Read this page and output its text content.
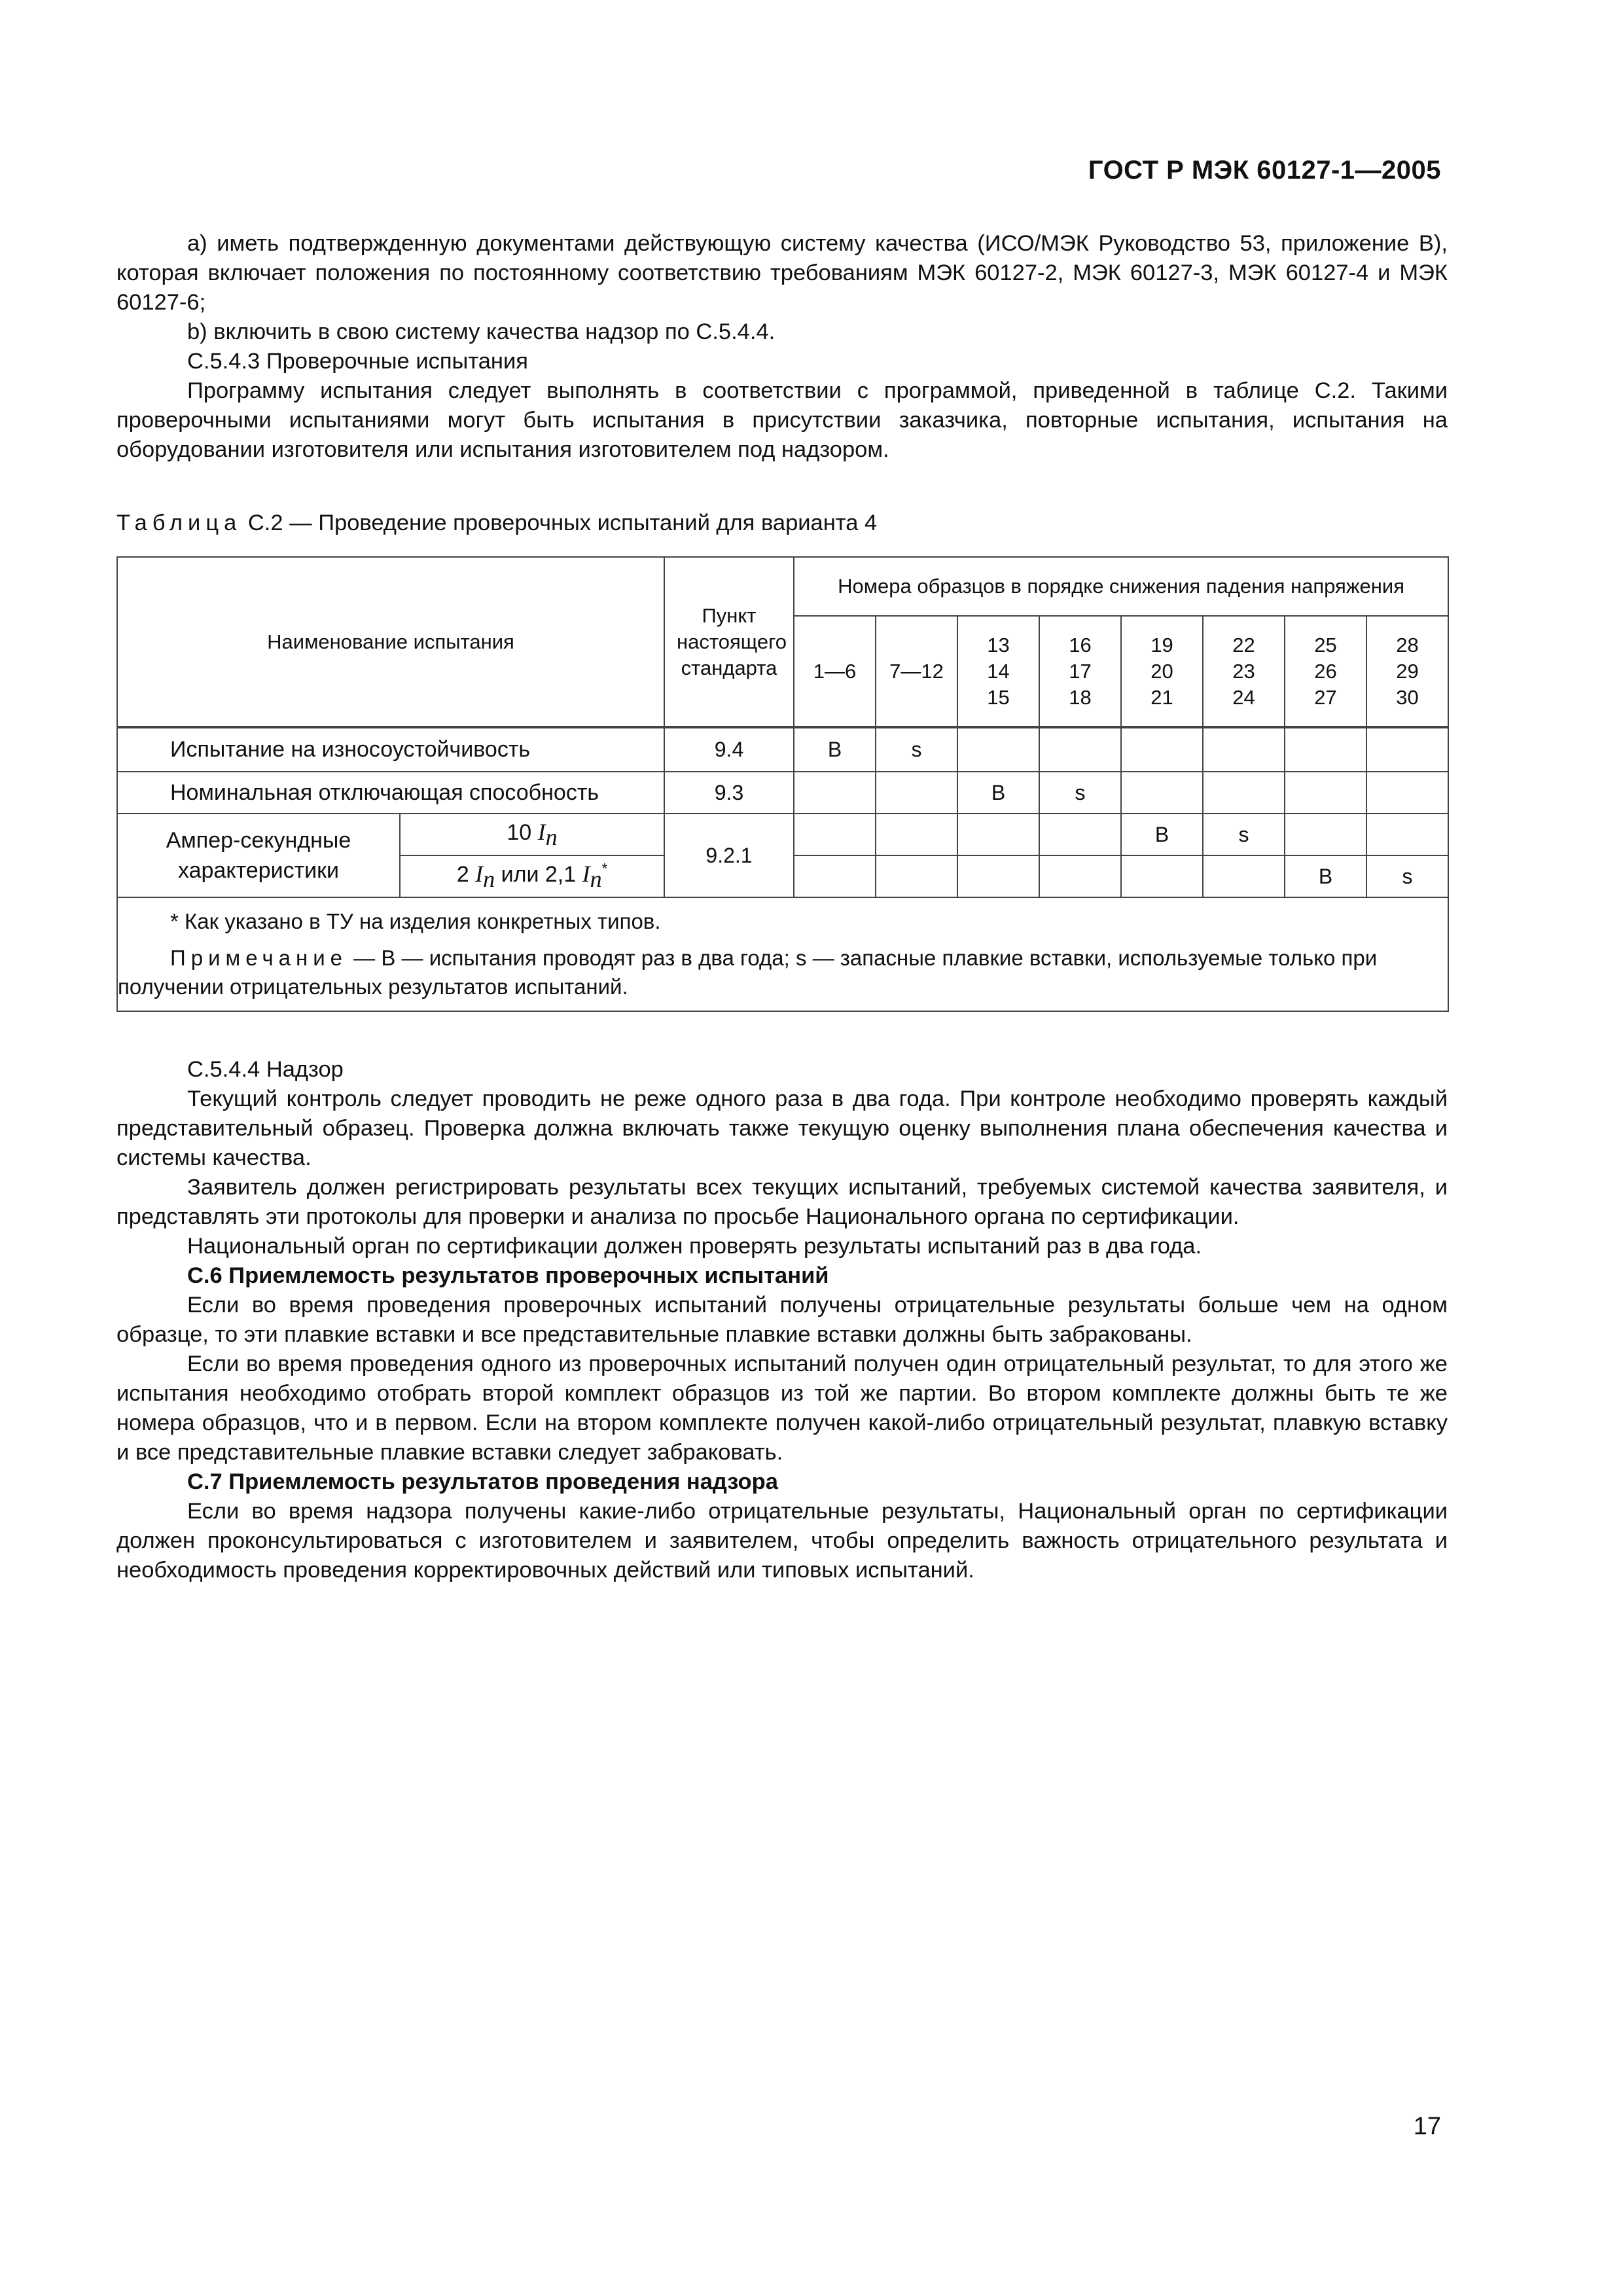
ГОСТ Р МЭК 60127-1—2005

а) иметь подтвержденную документами действующую систему качества (ИСО/МЭК Руководство 53, приложение В), которая включает положения по постоянному соответствию требованиям МЭК 60127-2, МЭК 60127-3, МЭК 60127-4 и МЭК 60127-6;

b) включить в свою систему качества надзор по С.5.4.4.

С.5.4.3 Проверочные испытания

Программу испытания следует выполнять в соответствии с программой, приведенной в таблице С.2. Такими проверочными испытаниями могут быть испытания в присутствии заказчика, повторные испытания, испытания на оборудовании изготовителя или испытания изготовителем под надзором.

Таблица С.2 — Проведение проверочных испытаний для варианта 4
Наименование испытания		Пункт настоящего стандарта	Номера образцов в порядке снижения падения напряжения							
			1—6	7—12	13 14 15	16 17 18	19 20 21	22 23 24	25 26 27	28 29 30
Испытание на износоустойчивость		9.4	В	s						
Номинальная отключающая способность		9.3			В	s				
Ампер-секундные характеристики	10 $I_n$	9.2.1					В	s		
	2 $I_n$ или 2,1 $I_n^*$								В	s

* Как указано в ТУ на изделия конкретных типов.

Примечание — В — испытания проводят раз в два года; s — запасные плавкие вставки, используемые только при получении отрицательных результатов испытаний.										

С.5.4.4 Надзор

Текущий контроль следует проводить не реже одного раза в два года. При контроле необходимо проверять каждый представительный образец. Проверка должна включать также текущую оценку выполнения плана обеспечения качества и системы качества.

Заявитель должен регистрировать результаты всех текущих испытаний, требуемых системой качества заявителя, и представлять эти протоколы для проверки и анализа по просьбе Национального органа по сертификации.

Национальный орган по сертификации должен проверять результаты испытаний раз в два года.

С.6 Приемлемость результатов проверочных испытаний

Если во время проведения проверочных испытаний получены отрицательные результаты больше чем на одном образце, то эти плавкие вставки и все представительные плавкие вставки должны быть забракованы.

Если во время проведения одного из проверочных испытаний получен один отрицательный результат, то для этого же испытания необходимо отобрать второй комплект образцов из той же партии. Во втором комплекте должны быть те же номера образцов, что и в первом. Если на втором комплекте получен какой-либо отрицательный результат, плавкую вставку и все представительные плавкие вставки следует забраковать.

С.7 Приемлемость результатов проведения надзора

Если во время надзора получены какие-либо отрицательные результаты, Национальный орган по сертификации должен проконсультироваться с изготовителем и заявителем, чтобы определить важность отрицательного результата и необходимость проведения корректировочных действий или типовых испытаний.

17
